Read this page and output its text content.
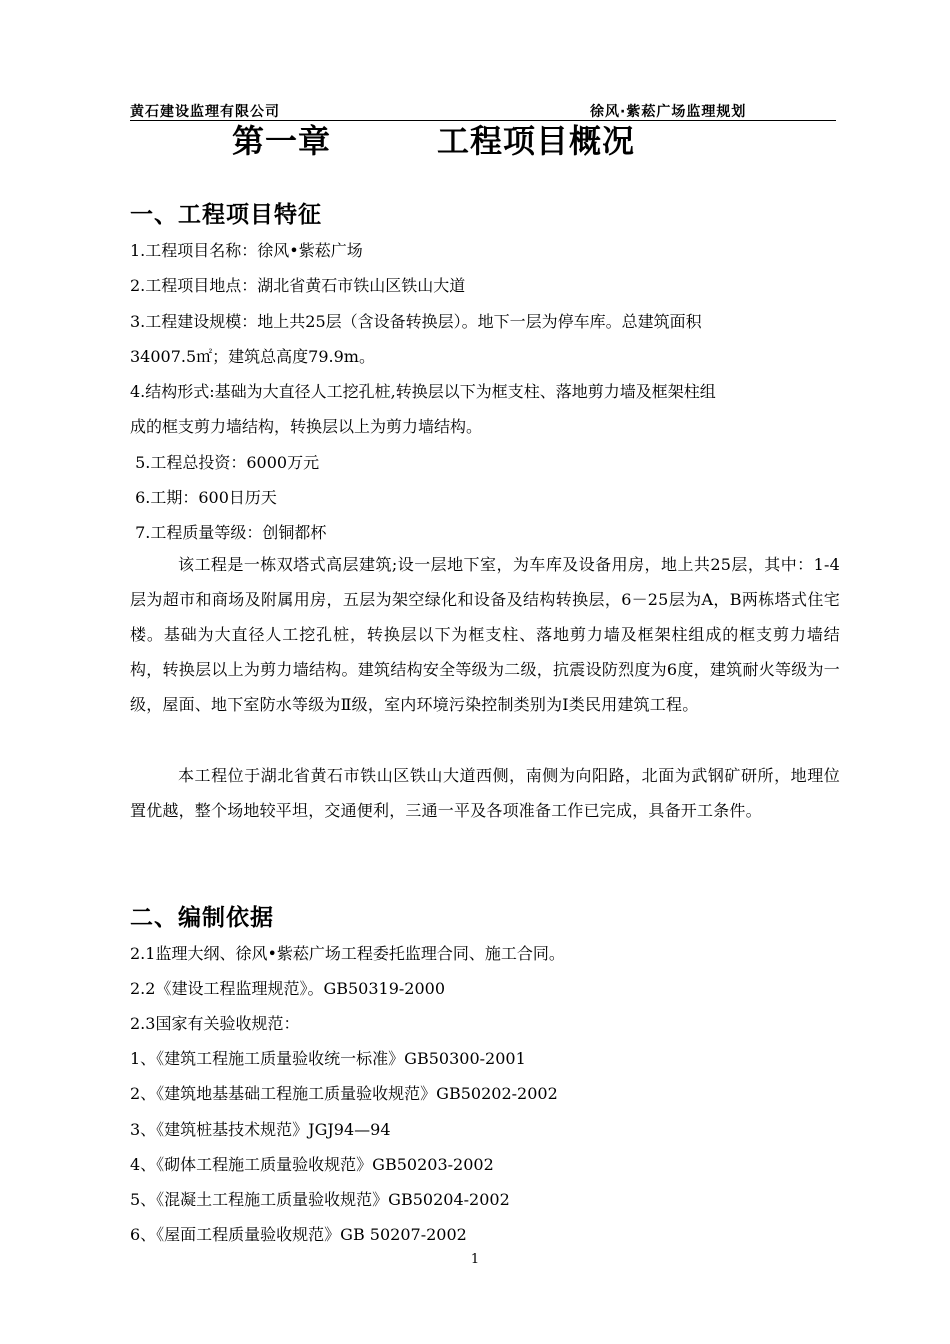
黄石建设监理有限公司	徐风·紫菘广场监理规划
第一章	工程项目概况
一、工程项目特征
1.工程项目名称：徐风•紫菘广场
2.工程项目地点：湖北省黄石市铁山区铁山大道
3.工程建设规模：地上共25层（含设备转换层）。地下一层为停车库。总建筑面积
34007.5㎡；建筑总高度79.9m。
4.结构形式:基础为大直径人工挖孔桩,转换层以下为框支柱、落地剪力墙及框架柱组
成的框支剪力墙结构，转换层以上为剪力墙结构。
5.工程总投资：6000万元
6.工期：600日历天
7.工程质量等级：创铜都杯
该工程是一栋双塔式高层建筑;设一层地下室，为车库及设备用房，地上共25层，其中：1-4层为超市和商场及附属用房，五层为架空绿化和设备及结构转换层，6－25层为A，B两栋塔式住宅楼。基础为大直径人工挖孔桩，转换层以下为框支柱、落地剪力墙及框架柱组成的框支剪力墙结构，转换层以上为剪力墙结构。建筑结构安全等级为二级，抗震设防烈度为6度，建筑耐火等级为一级，屋面、地下室防水等级为Ⅱ级，室内环境污染控制类别为Ⅰ类民用建筑工程。
本工程位于湖北省黄石市铁山区铁山大道西侧，南侧为向阳路，北面为武钢矿研所，地理位置优越，整个场地较平坦，交通便利，三通一平及各项准备工作已完成，具备开工条件。
二、编制依据
2.1监理大纲、徐风•紫菘广场工程委托监理合同、施工合同。
2.2《建设工程监理规范》。GB50319-2000
2.3国家有关验收规范：
1、《建筑工程施工质量验收统一标准》GB50300-2001
2、《建筑地基基础工程施工质量验收规范》GB50202-2002
3、《建筑桩基技术规范》JGJ94—94
4、《砌体工程施工质量验收规范》GB50203-2002
5、《混凝土工程施工质量验收规范》GB50204-2002
6、《屋面工程质量验收规范》GB 50207-2002
1
